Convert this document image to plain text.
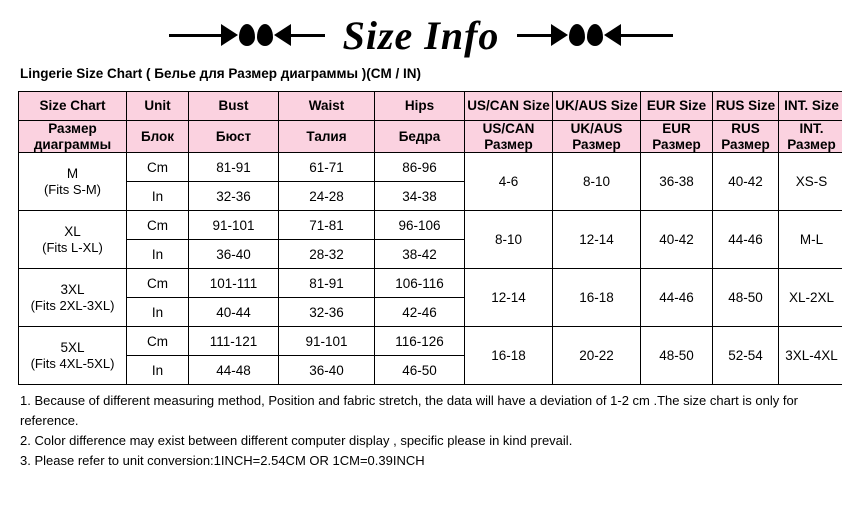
Size Info
Lingerie Size Chart ( Белье для Размер диаграммы )(CM / IN)
Size Chart	Unit	Bust	Waist	Hips	US/CAN Size	UK/AUS Size	EUR Size	RUS Size	INT. Size
Размер диаграммы	Блок	Бюст	Талия	Бедра	US/CAN Размер	UK/AUS Размер	EUR Размер	RUS Размер	INT. Размер

M
(Fits S-M)	Cm	81-91	61-71	86-96	4-6	8-10	36-38	40-42	XS-S
	In	32-36	24-28	34-38					

XL
(Fits L-XL)	Cm	91-101	71-81	96-106	8-10	12-14	40-42	44-46	M-L
	In	36-40	28-32	38-42					

3XL
(Fits 2XL-3XL)	Cm	101-111	81-91	106-116	12-14	16-18	44-46	48-50	XL-2XL
	In	40-44	32-36	42-46					

5XL
(Fits 4XL-5XL)	Cm	111-121	91-101	116-126	16-18	20-22	48-50	52-54	3XL-4XL
	In	44-48	36-40	46-50					

1. Because of different measuring method, Position and fabric stretch, the data will have a deviation of 1-2 cm .The size chart is only for reference.

2. Color difference may exist between different computer display , specific please in kind prevail.

3. Please refer to unit conversion:1INCH=2.54CM OR 1CM=0.39INCH
